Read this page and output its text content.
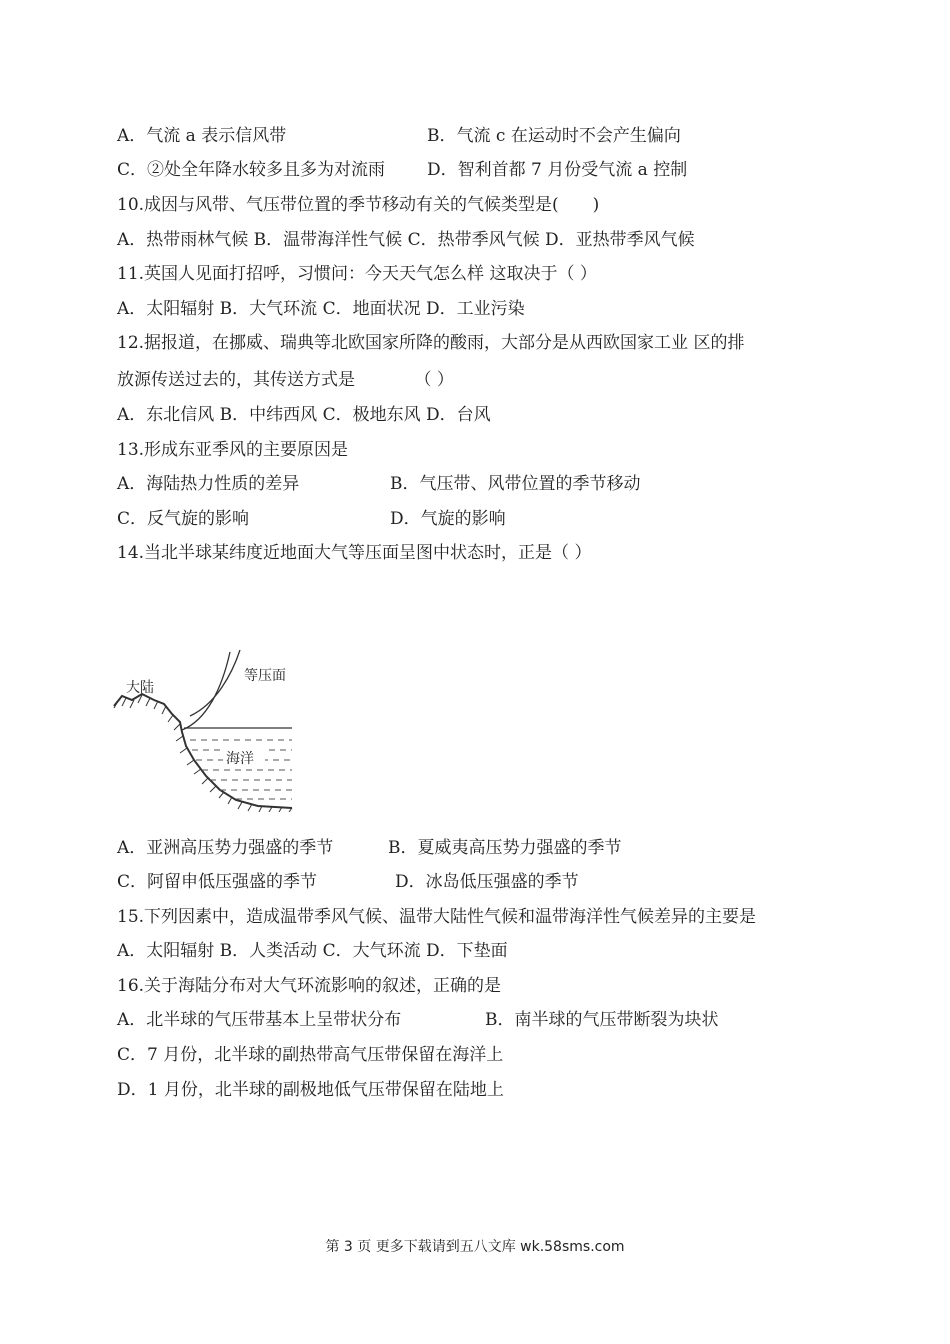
A．气流 a 表示信风带	B．气流 c 在运动时不会产生偏向
C．②处全年降水较多且多为对流雨 D．智利首都 7 月份受气流 a 控制
10.成因与风带、气压带位置的季节移动有关的气候类型是(　　)
A．热带雨林气候 B．温带海洋性气候 C．热带季风气候 D．亚热带季风气候
11.英国人见面打招呼，习惯问：今天天气怎么样 这取决于（ ）
A．太阳辐射 B．大气环流 C．地面状况 D．工业污染
12.据报道，在挪威、瑞典等北欧国家所降的酸雨，大部分是从西欧国家工业 区的排
放源传送过去的，其传送方式是　　　　（ ）
A．东北信风 B．中纬西风 C．极地东风 D．台风
13.形成东亚季风的主要原因是
A．海陆热力性质的差异	B．气压带、风带位置的季节移动
C．反气旋的影响	D．气旋的影响
14.当北半球某纬度近地面大气等压面呈图中状态时，正是（ ）
大陆
等压面
海洋
A．亚洲高压势力强盛的季节	B．夏威夷高压势力强盛的季节
C．阿留申低压强盛的季节	D．冰岛低压强盛的季节
15.下列因素中，造成温带季风气候、温带大陆性气候和温带海洋性气候差异的主要是
A．太阳辐射 B．人类活动 C．大气环流 D．下垫面
16.关于海陆分布对大气环流影响的叙述，正确的是
A．北半球的气压带基本上呈带状分布	B．南半球的气压带断裂为块状
C．7 月份，北半球的副热带高气压带保留在海洋上
D．1 月份，北半球的副极地低气压带保留在陆地上
第 3 页 更多下载请到五八文库 wk.58sms.com
